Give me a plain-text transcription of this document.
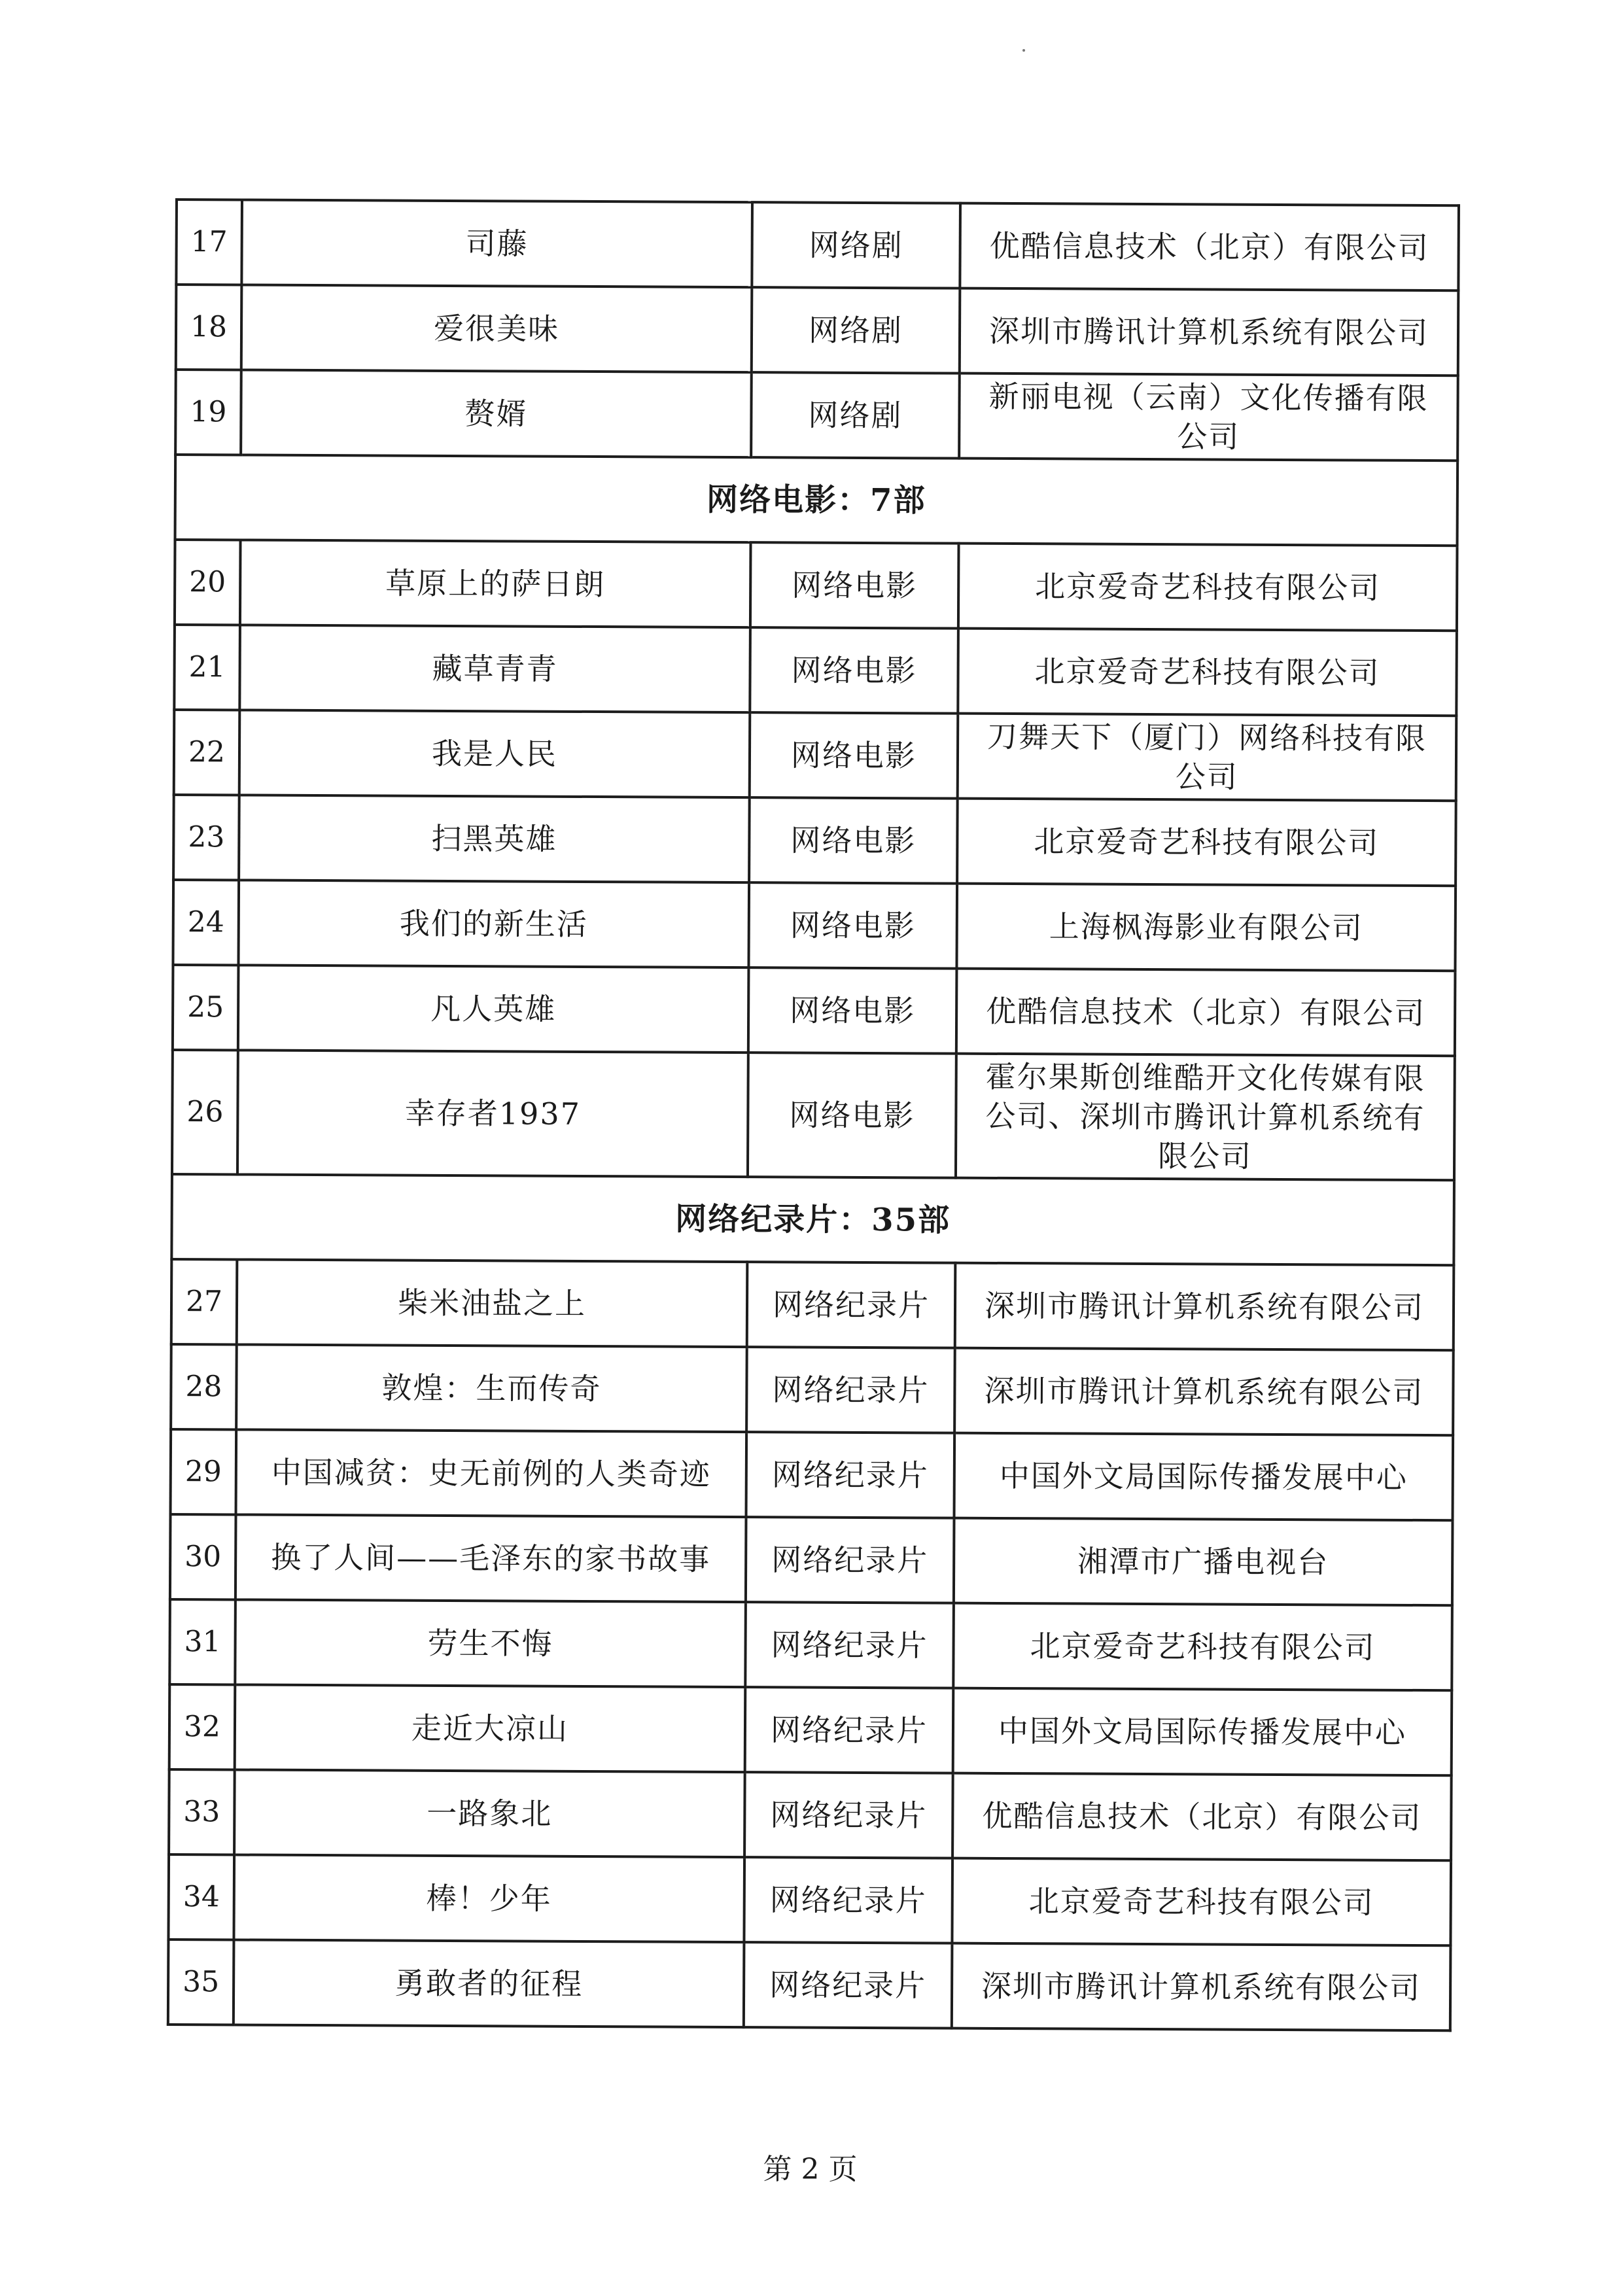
17	司藤	网络剧	优酷信息技术（北京）有限公司
18	爱很美味	网络剧	深圳市腾讯计算机系统有限公司
19	赘婿	网络剧	新丽电视（云南）文化传播有限公司
网络电影：7部			
20	草原上的萨日朗	网络电影	北京爱奇艺科技有限公司
21	藏草青青	网络电影	北京爱奇艺科技有限公司
22	我是人民	网络电影	刀舞天下（厦门）网络科技有限公司
23	扫黑英雄	网络电影	北京爱奇艺科技有限公司
24	我们的新生活	网络电影	上海枫海影业有限公司
25	凡人英雄	网络电影	优酷信息技术（北京）有限公司
26	幸存者1937	网络电影	霍尔果斯创维酷开文化传媒有限公司、深圳市腾讯计算机系统有限公司
网络纪录片：35部			
27	柴米油盐之上	网络纪录片	深圳市腾讯计算机系统有限公司
28	敦煌：生而传奇	网络纪录片	深圳市腾讯计算机系统有限公司
29	中国减贫：史无前例的人类奇迹	网络纪录片	中国外文局国际传播发展中心
30	换了人间——毛泽东的家书故事	网络纪录片	湘潭市广播电视台
31	劳生不悔	网络纪录片	北京爱奇艺科技有限公司
32	走近大凉山	网络纪录片	中国外文局国际传播发展中心
33	一路象北	网络纪录片	优酷信息技术（北京）有限公司
34	棒！少年	网络纪录片	北京爱奇艺科技有限公司
35	勇敢者的征程	网络纪录片	深圳市腾讯计算机系统有限公司
第 2 页
